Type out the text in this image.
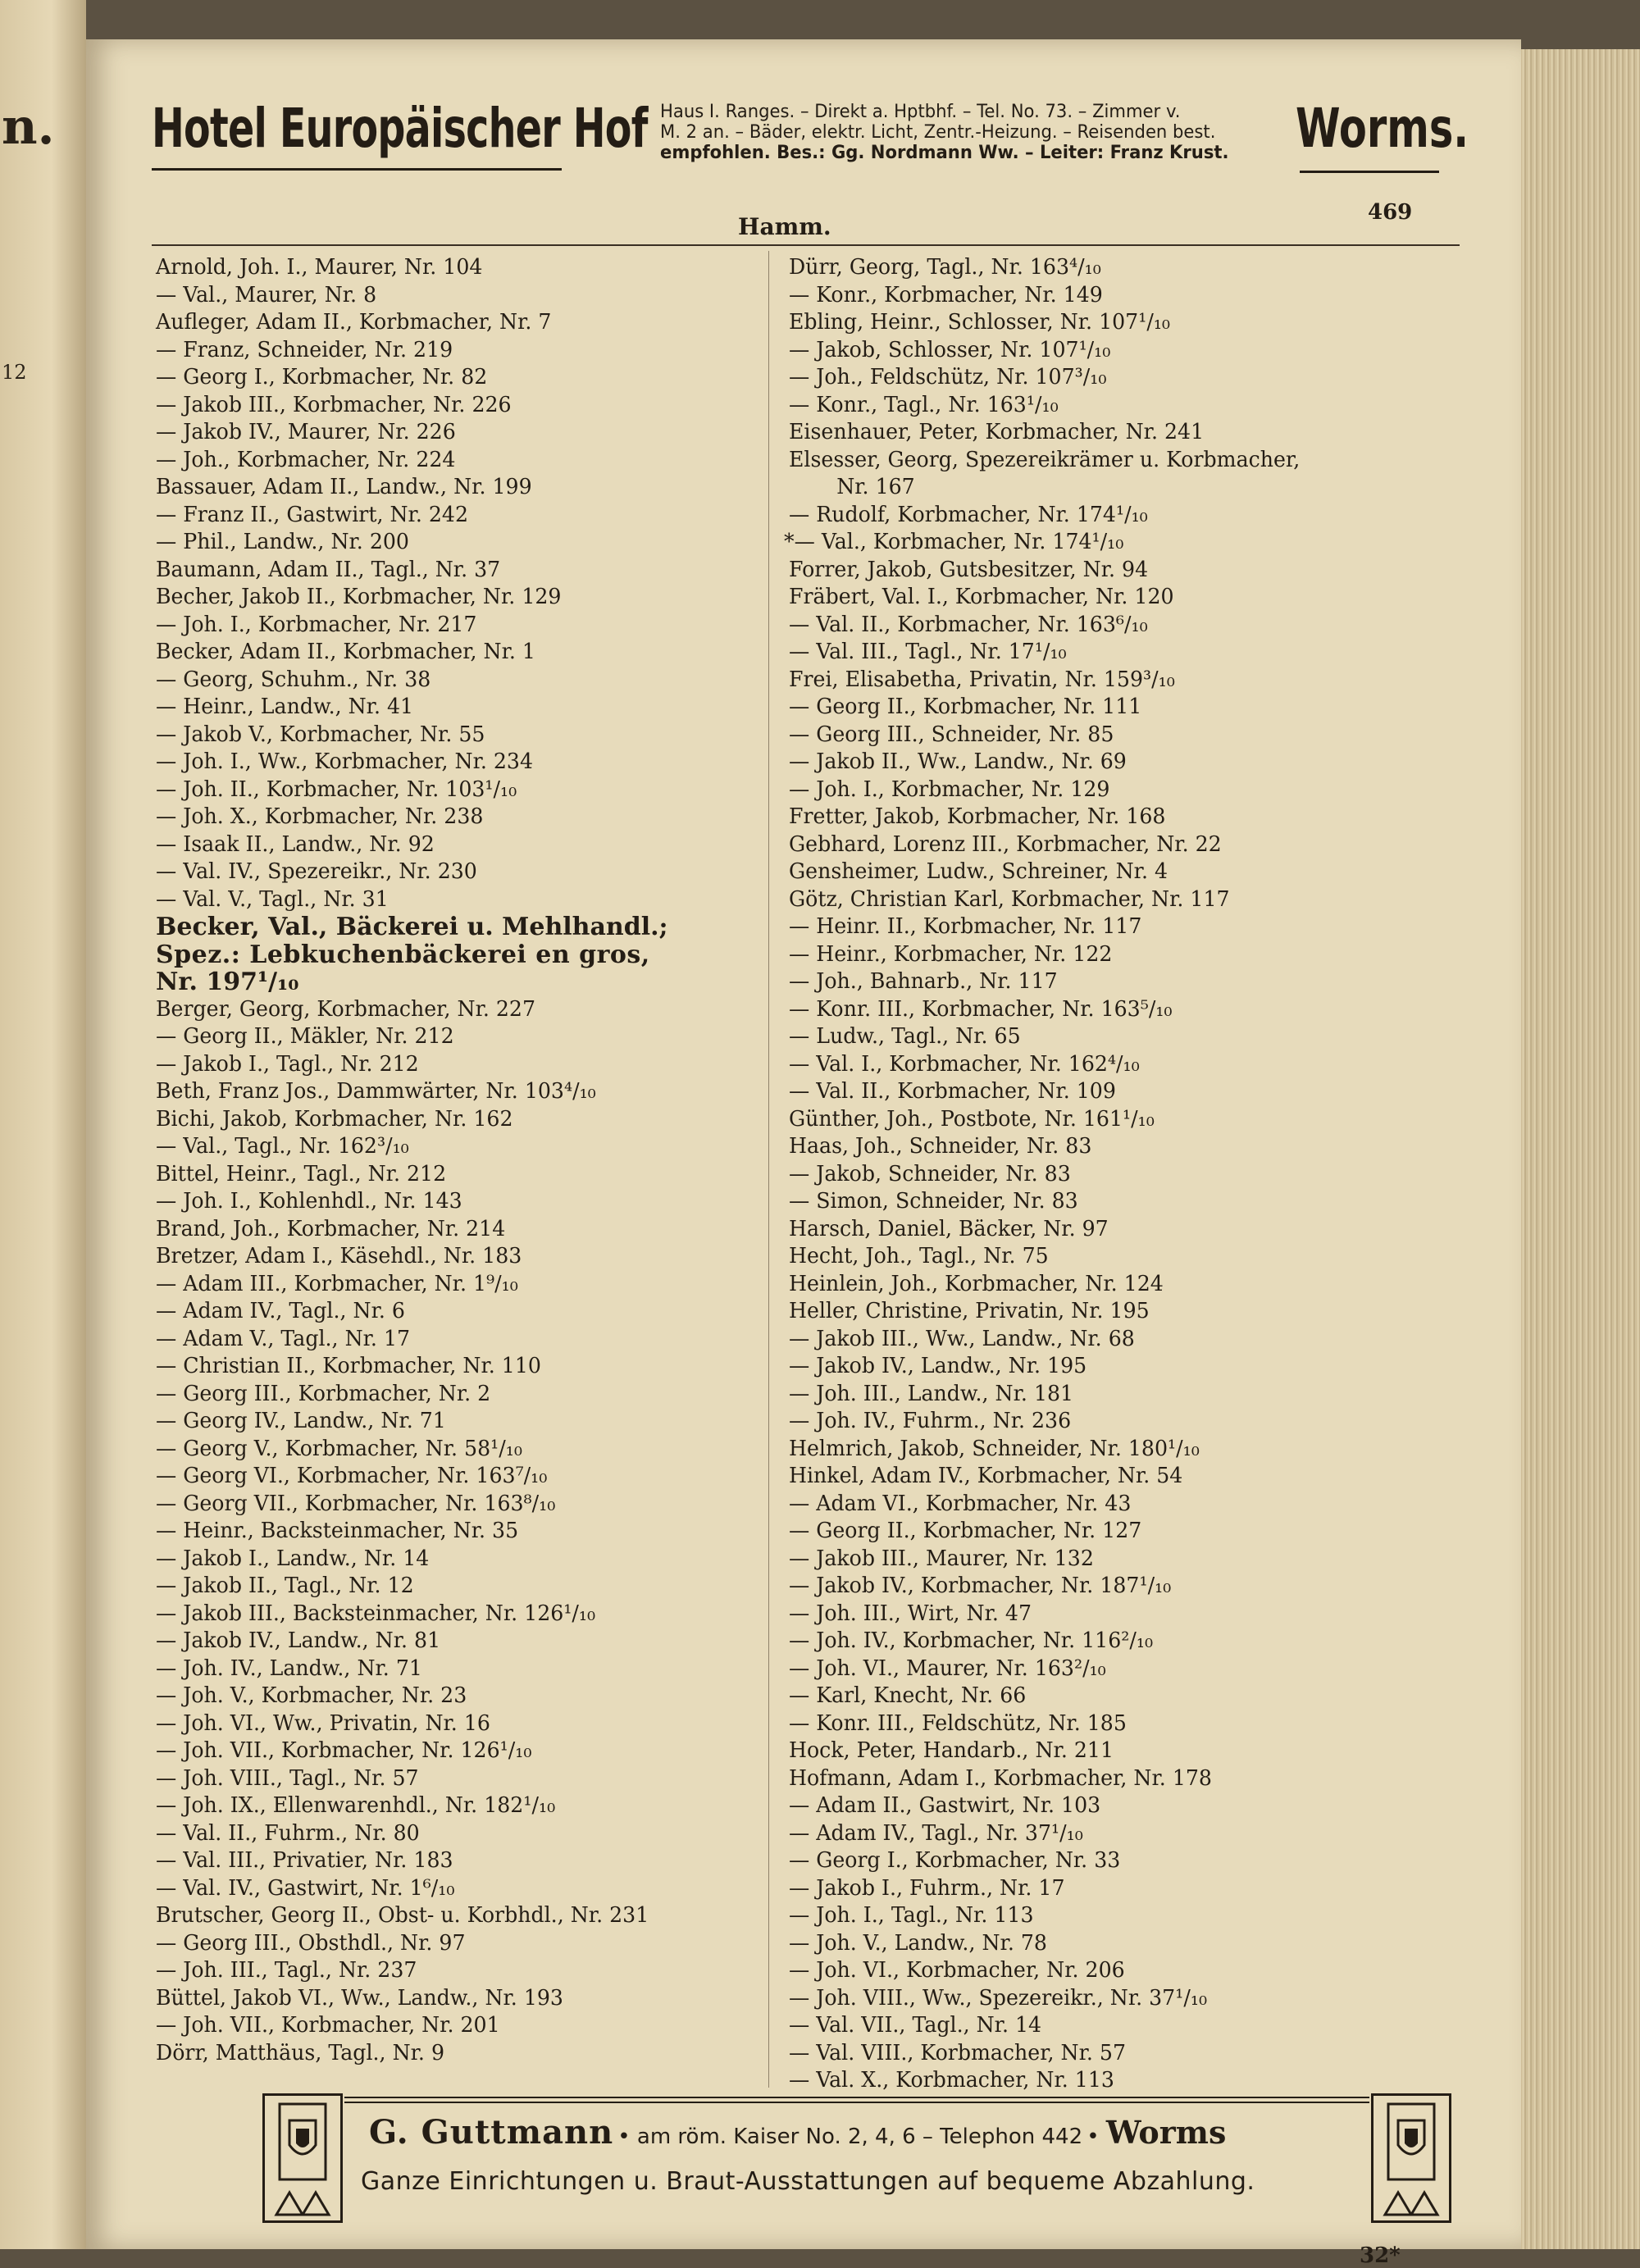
n.
12
Hotel Europäischer Hof Haus I. Ranges. – Direkt a. Hptbhf. – Tel. No. 73. – Zimmer v.
M. 2 an. – Bäder, elektr. Licht, Zentr.-Heizung. – Reisenden best.
empfohlen. Bes.: Gg. Nordmann Ww. – Leiter: Franz Krust.	Worms.
Hamm.
469
Arnold, Joh. I., Maurer, Nr. 104
— Val., Maurer, Nr. 8
Aufleger, Adam II., Korbmacher, Nr. 7
— Franz, Schneider, Nr. 219
— Georg I., Korbmacher, Nr. 82
— Jakob III., Korbmacher, Nr. 226
— Jakob IV., Maurer, Nr. 226
— Joh., Korbmacher, Nr. 224
Bassauer, Adam II., Landw., Nr. 199
— Franz II., Gastwirt, Nr. 242
— Phil., Landw., Nr. 200
Baumann, Adam II., Tagl., Nr. 37
Becher, Jakob II., Korbmacher, Nr. 129
— Joh. I., Korbmacher, Nr. 217
Becker, Adam II., Korbmacher, Nr. 1
— Georg, Schuhm., Nr. 38
— Heinr., Landw., Nr. 41
— Jakob V., Korbmacher, Nr. 55
— Joh. I., Ww., Korbmacher, Nr. 234
— Joh. II., Korbmacher, Nr. 103¹/₁₀
— Joh. X., Korbmacher, Nr. 238
— Isaak II., Landw., Nr. 92
— Val. IV., Spezereikr., Nr. 230
— Val. V., Tagl., Nr. 31
Becker, Val., Bäckerei u. Mehlhandl.;
Spez.: Lebkuchenbäckerei en gros,
Nr. 197¹/₁₀
Berger, Georg, Korbmacher, Nr. 227
— Georg II., Mäkler, Nr. 212
— Jakob I., Tagl., Nr. 212
Beth, Franz Jos., Dammwärter, Nr. 103⁴/₁₀
Bichi, Jakob, Korbmacher, Nr. 162
— Val., Tagl., Nr. 162³/₁₀
Bittel, Heinr., Tagl., Nr. 212
— Joh. I., Kohlenhdl., Nr. 143
Brand, Joh., Korbmacher, Nr. 214
Bretzer, Adam I., Käsehdl., Nr. 183
— Adam III., Korbmacher, Nr. 1⁹/₁₀
— Adam IV., Tagl., Nr. 6
— Adam V., Tagl., Nr. 17
— Christian II., Korbmacher, Nr. 110
— Georg III., Korbmacher, Nr. 2
— Georg IV., Landw., Nr. 71
— Georg V., Korbmacher, Nr. 58¹/₁₀
— Georg VI., Korbmacher, Nr. 163⁷/₁₀
— Georg VII., Korbmacher, Nr. 163⁸/₁₀
— Heinr., Backsteinmacher, Nr. 35
— Jakob I., Landw., Nr. 14
— Jakob II., Tagl., Nr. 12
— Jakob III., Backsteinmacher, Nr. 126¹/₁₀
— Jakob IV., Landw., Nr. 81
— Joh. IV., Landw., Nr. 71
— Joh. V., Korbmacher, Nr. 23
— Joh. VI., Ww., Privatin, Nr. 16
— Joh. VII., Korbmacher, Nr. 126¹/₁₀
— Joh. VIII., Tagl., Nr. 57
— Joh. IX., Ellenwarenhdl., Nr. 182¹/₁₀
— Val. II., Fuhrm., Nr. 80
— Val. III., Privatier, Nr. 183
— Val. IV., Gastwirt, Nr. 1⁶/₁₀
Brutscher, Georg II., Obst- u. Korbhdl., Nr. 231
— Georg III., Obsthdl., Nr. 97
— Joh. III., Tagl., Nr. 237
Büttel, Jakob VI., Ww., Landw., Nr. 193
— Joh. VII., Korbmacher, Nr. 201
Dörr, Matthäus, Tagl., Nr. 9
Dürr, Georg, Tagl., Nr. 163⁴/₁₀
— Konr., Korbmacher, Nr. 149
Ebling, Heinr., Schlosser, Nr. 107¹/₁₀
— Jakob, Schlosser, Nr. 107¹/₁₀
— Joh., Feldschütz, Nr. 107³/₁₀
— Konr., Tagl., Nr. 163¹/₁₀
Eisenhauer, Peter, Korbmacher, Nr. 241
Elsesser, Georg, Spezereikrämer u. Korbmacher,
Nr. 167
— Rudolf, Korbmacher, Nr. 174¹/₁₀
*— Val., Korbmacher, Nr. 174¹/₁₀
Forrer, Jakob, Gutsbesitzer, Nr. 94
Fräbert, Val. I., Korbmacher, Nr. 120
— Val. II., Korbmacher, Nr. 163⁶/₁₀
— Val. III., Tagl., Nr. 17¹/₁₀
Frei, Elisabetha, Privatin, Nr. 159³/₁₀
— Georg II., Korbmacher, Nr. 111
— Georg III., Schneider, Nr. 85
— Jakob II., Ww., Landw., Nr. 69
— Joh. I., Korbmacher, Nr. 129
Fretter, Jakob, Korbmacher, Nr. 168
Gebhard, Lorenz III., Korbmacher, Nr. 22
Gensheimer, Ludw., Schreiner, Nr. 4
Götz, Christian Karl, Korbmacher, Nr. 117
— Heinr. II., Korbmacher, Nr. 117
— Heinr., Korbmacher, Nr. 122
— Joh., Bahnarb., Nr. 117
— Konr. III., Korbmacher, Nr. 163⁵/₁₀
— Ludw., Tagl., Nr. 65
— Val. I., Korbmacher, Nr. 162⁴/₁₀
— Val. II., Korbmacher, Nr. 109
Günther, Joh., Postbote, Nr. 161¹/₁₀
Haas, Joh., Schneider, Nr. 83
— Jakob, Schneider, Nr. 83
— Simon, Schneider, Nr. 83
Harsch, Daniel, Bäcker, Nr. 97
Hecht, Joh., Tagl., Nr. 75
Heinlein, Joh., Korbmacher, Nr. 124
Heller, Christine, Privatin, Nr. 195
— Jakob III., Ww., Landw., Nr. 68
— Jakob IV., Landw., Nr. 195
— Joh. III., Landw., Nr. 181
— Joh. IV., Fuhrm., Nr. 236
Helmrich, Jakob, Schneider, Nr. 180¹/₁₀
Hinkel, Adam IV., Korbmacher, Nr. 54
— Adam VI., Korbmacher, Nr. 43
— Georg II., Korbmacher, Nr. 127
— Jakob III., Maurer, Nr. 132
— Jakob IV., Korbmacher, Nr. 187¹/₁₀
— Joh. III., Wirt, Nr. 47
— Joh. IV., Korbmacher, Nr. 116²/₁₀
— Joh. VI., Maurer, Nr. 163²/₁₀
— Karl, Knecht, Nr. 66
— Konr. III., Feldschütz, Nr. 185
Hock, Peter, Handarb., Nr. 211
Hofmann, Adam I., Korbmacher, Nr. 178
— Adam II., Gastwirt, Nr. 103
— Adam IV., Tagl., Nr. 37¹/₁₀
— Georg I., Korbmacher, Nr. 33
— Jakob I., Fuhrm., Nr. 17
— Joh. I., Tagl., Nr. 113
— Joh. V., Landw., Nr. 78
— Joh. VI., Korbmacher, Nr. 206
— Joh. VIII., Ww., Spezereikr., Nr. 37¹/₁₀
— Val. VII., Tagl., Nr. 14
— Val. VIII., Korbmacher, Nr. 57
— Val. X., Korbmacher, Nr. 113
G. Guttmann • am röm. Kaiser No. 2, 4, 6 – Telephon 442 • Worms
Ganze Einrichtungen u. Braut-Ausstattungen auf bequeme Abzahlung.
32*
